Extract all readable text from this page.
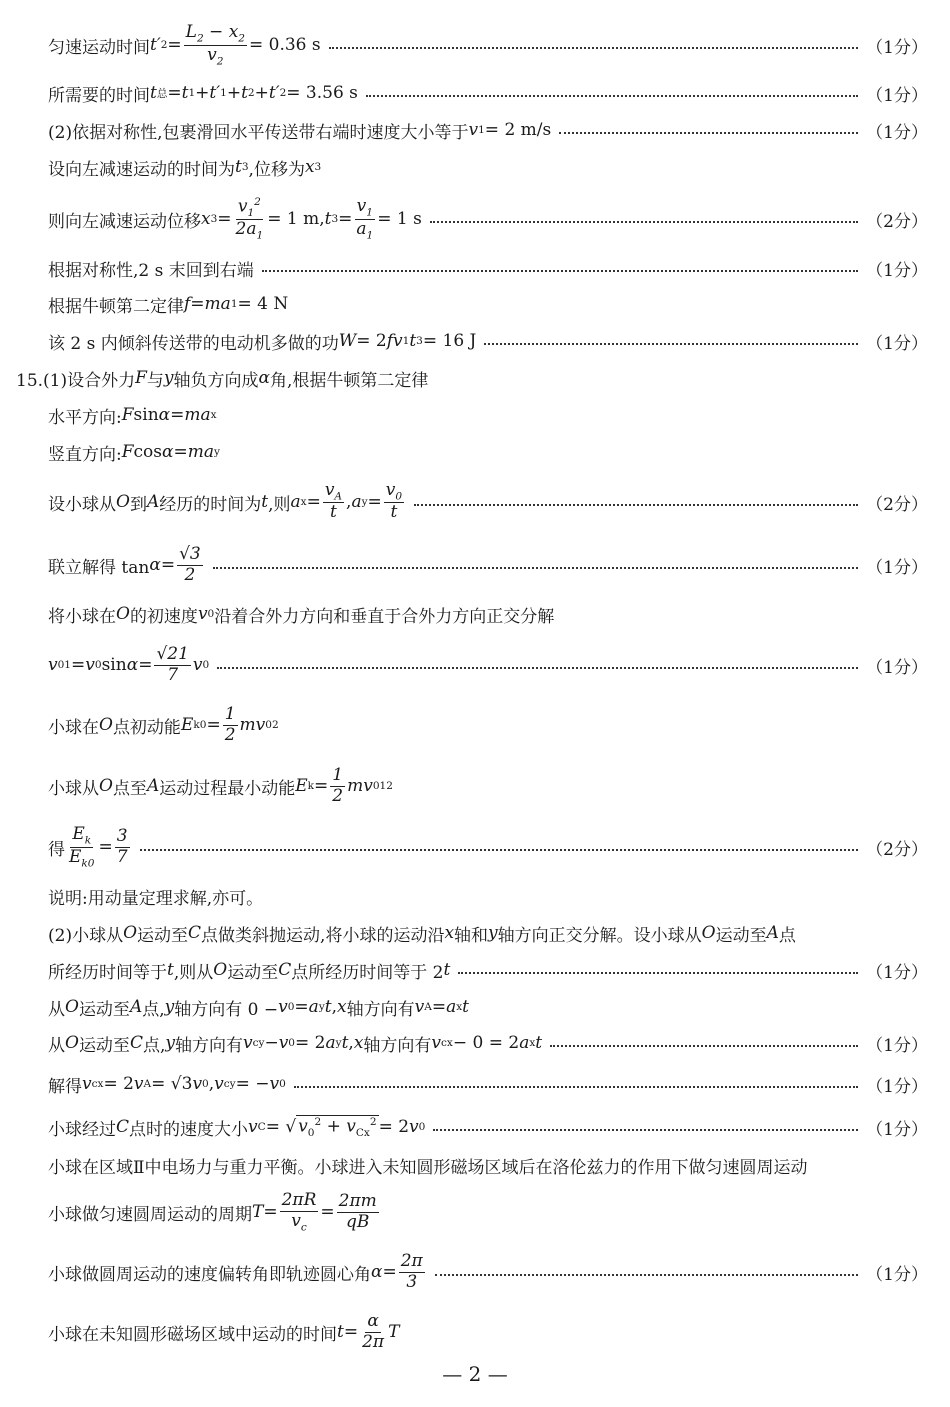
匀速运动时间 t′ $2 = \frac{L_2 - x_2}{v_2} = 0.36$ s	（1分）
所需要的时间 t 总 = t 1 + t′ 1 + t 2 + t′ 2 = 3.56 s	（1分）
(2)依据对称性,包裹滑回水平传送带右端时速度大小等于 v 1 = 2 m/s	（1分）
设向左减速运动的时间为 t 3 ,位移为 x 3
则向左减速运动位移 x $3 = \frac{v_1^2}{2a_1} = 1$ m, t $3 = \frac{v_1}{a_1} = 1$ s	（2分）
根据对称性,2 s 末回到右端	（1分）
根据牛顿第二定律 f = ma 1 = 4 N
该 2 s 内倾斜传送带的电动机多做的功 W = 2 fv 1 t 3 = 16 J	（1分）
15.(1)设合外力 F 与 y 轴负方向成 α 角,根据牛顿第二定律
水平方向: F sin α = ma x
竖直方向: F cos α = ma y
设小球从 O 到 A 经历的时间为 t ,则 a $x = \frac{v_A}{t}$ , a $y = \frac{v_0}{t}$	（2分）
联立解得 $\tan \alpha = \frac{√3}{2}$	（1分）
将小球在 O 的初速度 v 0 沿着合外力方向和垂直于合外力方向正交分解
v 01 = v 0 $\sin \alpha = \frac{√21}{7}$ v 0	（1分）
小球在 O 点初动能 E $k0 = \frac{1}{2}$ mv 0 2
小球从 O 点至 A 运动过程最小动能 E $k = \frac{1}{2}$ mv 01 2
得 $\frac{E_k}{E_{k0}} = \frac{3}{7}$	（2分）
说明:用动量定理求解,亦可。
(2)小球从 O 运动至 C 点做类斜抛运动,将小球的运动沿 x 轴和 y 轴方向正交分解。设小球从 O 运动至 A 点
所经历时间等于 t ,则从 O 运动至 C 点所经历时间等于 2 t	（1分）
从 O 运动至 A 点, y 轴方向有 0 − v 0 = a y t , x 轴方向有 v A = a x t
从 O 运动至 C 点, y 轴方向有 v cy − v 0 = 2 a y t , x 轴方向有 v cx − 0 = 2 a x t	（1分）
解得 v cx = 2 v A = √3 v 0 , v cy = − v 0	（1分）
小球经过 C 点时的速度大小 v C = √ $v_0^2 + v_{Cx}^2 = 2$ v 0	（1分）
小球在区域Ⅱ中电场力与重力平衡。小球进入未知圆形磁场区域后在洛伦兹力的作用下做匀速圆周运动
小球做匀速圆周运动的周期 $T = \frac{2\pi R}{v_c} = \frac{2\pi m}{qB}$
小球做圆周运动的速度偏转角即轨迹圆心角 $\alpha = \frac{2\pi}{3}$	（1分）
小球在未知圆形磁场区域中运动的时间 $t = \frac{\alpha}{2\pi}$ T
— 2 —
